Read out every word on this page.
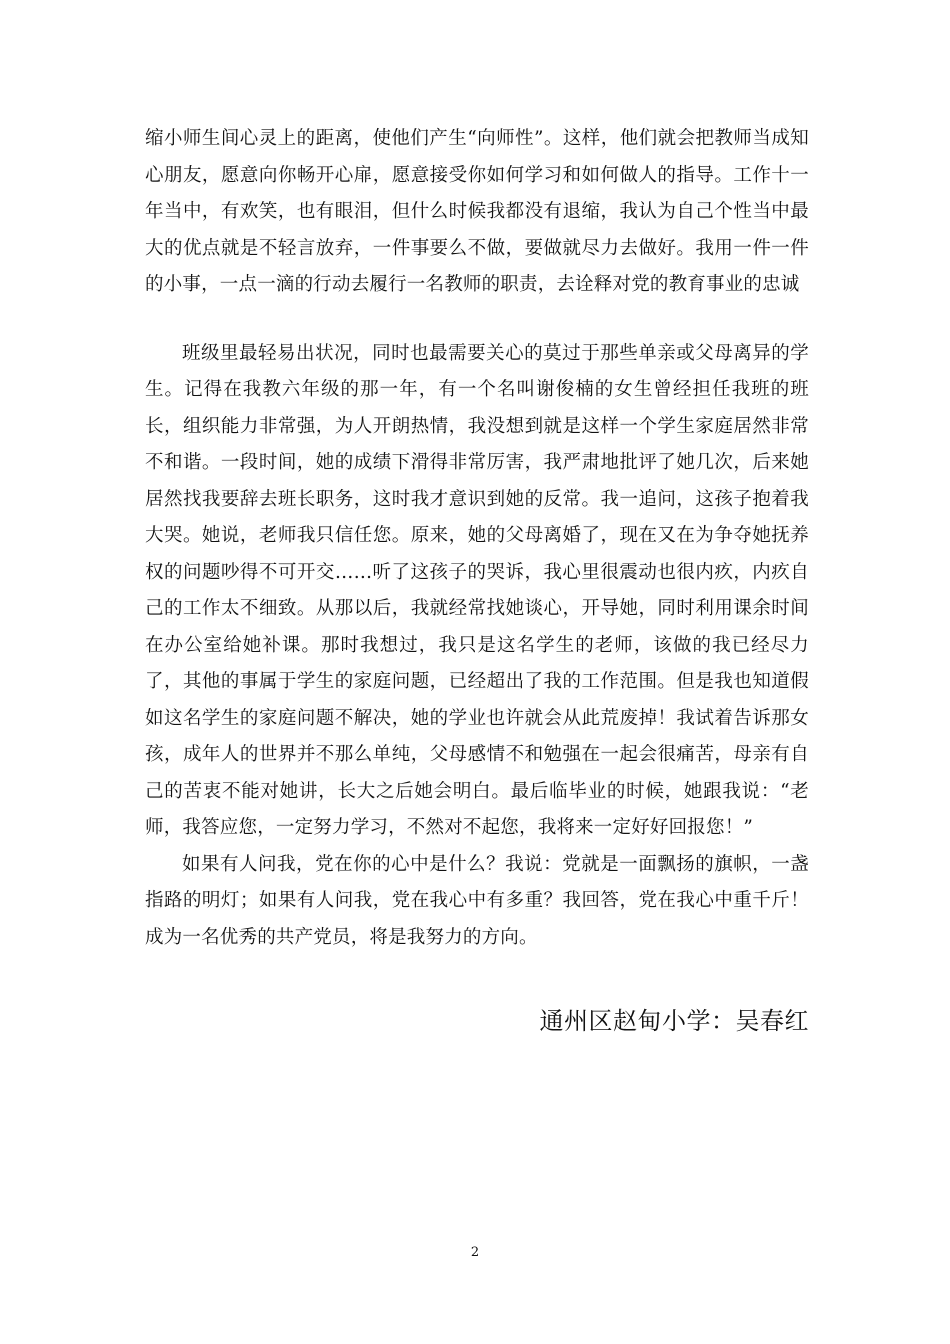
缩小师生间心灵上的距离，使他们产生“向师性”。这样，他们就会把教师当成知心朋友，愿意向你畅开心扉，愿意接受你如何学习和如何做人的指导。工作十一年当中，有欢笑，也有眼泪，但什么时候我都没有退缩，我认为自己个性当中最大的优点就是不轻言放弃，一件事要么不做，要做就尽力去做好。我用一件一件的小事，一点一滴的行动去履行一名教师的职责，去诠释对党的教育事业的忠诚

班级里最轻易出状况，同时也最需要关心的莫过于那些单亲或父母离异的学生。记得在我教六年级的那一年，有一个名叫谢俊楠的女生曾经担任我班的班长，组织能力非常强，为人开朗热情，我没想到就是这样一个学生家庭居然非常不和谐。一段时间，她的成绩下滑得非常厉害，我严肃地批评了她几次，后来她居然找我要辞去班长职务，这时我才意识到她的反常。我一追问，这孩子抱着我大哭。她说，老师我只信任您。原来，她的父母离婚了，现在又在为争夺她抚养权的问题吵得不可开交……听了这孩子的哭诉，我心里很震动也很内疚，内疚自己的工作太不细致。从那以后，我就经常找她谈心，开导她，同时利用课余时间在办公室给她补课。那时我想过，我只是这名学生的老师，该做的我已经尽力了，其他的事属于学生的家庭问题，已经超出了我的工作范围。但是我也知道假如这名学生的家庭问题不解决，她的学业也许就会从此荒废掉！我试着告诉那女孩，成年人的世界并不那么单纯，父母感情不和勉强在一起会很痛苦，母亲有自己的苦衷不能对她讲，长大之后她会明白。最后临毕业的时候，她跟我说：“老师，我答应您，一定努力学习，不然对不起您，我将来一定好好回报您！”

如果有人问我，党在你的心中是什么？我说：党就是一面飘扬的旗帜，一盏指路的明灯；如果有人问我，党在我心中有多重？我回答，党在我心中重千斤！成为一名优秀的共产党员，将是我努力的方向。

通州区赵甸小学：吴春红
2
